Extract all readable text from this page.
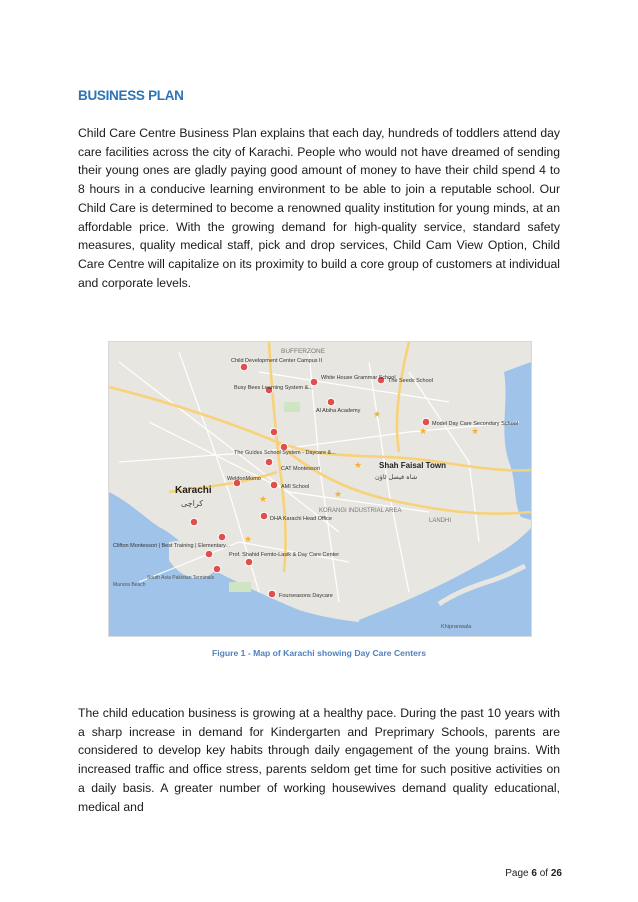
BUSINESS PLAN

Child Care Centre Business Plan explains that each day, hundreds of toddlers attend day care facilities across the city of Karachi. People who would not have dreamed of sending their young ones are gladly paying good amount of money to have their child spend 4 to 8 hours in a conducive learning environment to be able to join a reputable school. Our Child Care is determined to become a renowned quality institution for young minds, at an affordable price. With the growing demand for high-quality service, standard safety measures, quality medical staff, pick and drop services, Child Cam View Option, Child Care Centre will capitalize on its proximity to build a core group of customers at individual and corporate levels.

★
★	★
★	★
★
★
BUFFERZONE
Child Development Center Campus II
Busy Bees Learning System &...
White House Grammar School
The Seeds School
Al Abiha Academy
Model Day Care Secondary School
The Guides School System - Daycare &...
CAT Montessori
Karachi
کراچی
WeldonMomo
AMI School
Shah Faisal Town
شاہ فیصل ٹاؤن
KORANGI INDUSTRIAL AREA
LANDHI
DHA Karachi Head Office
Clifton Montessori | Best Training | Elementary...
Prof. Shahid Femto-Lasik & Day Care Center
South Asia Pakistan Terminals
Manora Beach
Fourseasons Daycare
Khipranwala

Figure 1 - Map of Karachi showing Day Care Centers

The child education business is growing at a healthy pace. During the past 10 years with a sharp increase in demand for Kindergarten and Preprimary Schools, parents are considered to develop key habits through daily engagement of the young brains. With increased traffic and office stress, parents seldom get time for such positive activities on a daily basis. A greater number of working housewives demand quality educational, medical and

Page 6 of 26
